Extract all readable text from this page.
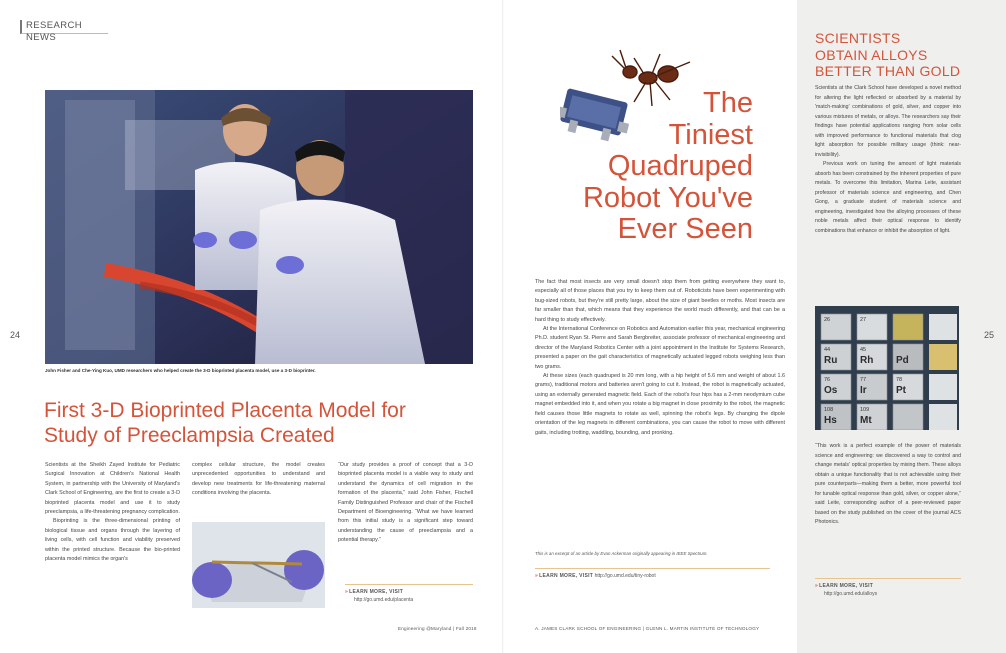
RESEARCH NEWS
24	25
John Fisher and Che-Ying Kuo, UMD researchers who helped create the 3-D bioprinted placenta model, use a 3-D bioprinter.
First 3-D Bioprinted Placenta Model for Study of Preeclampsia Created

Scientists at the Sheikh Zayed Institute for Pediatric Surgical Innovation at Children's National Health System, in partnership with the University of Maryland's Clark School of Engineering, are the first to create a 3-D bioprinted placenta model and use it to study preeclampsia, a life-threatening pregnancy complication.

Bioprinting is the three-dimensional printing of biological tissue and organs through the layering of living cells, with cell function and viability preserved within the printed structure. Because the bio-printed placenta model mimics the organ's

complex cellular structure, the model creates unprecedented opportunities to understand and develop new treatments for life-threatening maternal conditions involving the placenta.

“Our study provides a proof of concept that a 3-D bioprinted placenta model is a viable way to study and understand the dynamics of cell migration in the formation of the placenta,” said John Fisher, Fischell Family Distinguished Professor and chair of the Fischell Department of Bioengineering. “What we have learned from this initial study is a significant step toward understanding the cause of preeclampsia and a potential therapy.”

» LEARN MORE, VISIT
http://go.umd.edu/placenta
Engineering @Maryland | Fall 2018
The
Tiniest
Quadruped
Robot You've
Ever Seen

The fact that most insects are very small doesn't stop them from getting everywhere they want to, especially all of those places that you try to keep them out of. Roboticists have been experimenting with bug-sized robots, but they're still pretty large, about the size of giant beetles or moths. Most insects are far smaller than that, which means that they experience the world much differently, and that can be a hard thing to study effectively.

At the International Conference on Robotics and Automation earlier this year, mechanical engineering Ph.D. student Ryan St. Pierre and Sarah Bergbreiter, associate professor of mechanical engineering and director of the Maryland Robotics Center with a joint appointment in the Institute for Systems Research, presented a paper on the gait characteristics of magnetically actuated legged robots weighing less than two grams.

At these sizes (each quadruped is 20 mm long, with a hip height of 5.6 mm and weight of about 1.6 grams), traditional motors and batteries aren't going to cut it. Instead, the robot is magnetically actuated, using an externally generated magnetic field. Each of the robot's four hips has a 2-mm neodymium cube magnet embedded into it, and when you rotate a big magnet in close proximity to the robot, the magnetic field causes those little magnets to rotate as well, spinning the robot's legs. By changing the dipole orientation of the leg magnets in different combinations, you can cause the robot to move with different gaits, including trotting, waddling, bounding, and pronking.

This is an excerpt of an article by Evan Ackerman originally appearing in IEEE Spectrum.
» LEARN MORE, VISIT http://go.umd.edu/tiny-robot
A. JAMES CLARK SCHOOL OF ENGINEERING | GLENN L. MARTIN INSTITUTE OF TECHNOLOGY
SCIENTISTS
OBTAIN ALLOYS
BETTER THAN GOLD

Scientists at the Clark School have developed a novel method for altering the light reflected or absorbed by a material by 'match-making' combinations of gold, silver, and copper into various mixtures of metals, or alloys. The researchers say their findings have potential applications ranging from solar cells with improved performance to functional materials that clog light absorption for possible military usage (think: near-invisibility).

Previous work on tuning the amount of light materials absorb has been constrained by the inherent properties of pure metals. To overcome this limitation, Marina Leite, assistant professor of materials science and engineering, and Chen Gong, a graduate student of materials science and engineering, investigated how the alloying processes of these noble metals affect their optical response to identify combinations that enhance or inhibit the absorption of light.

26	27
44
Ru
45
Rh Pd
76
Os
77
Ir
78
Pt
108
Hs
109
Mt

“This work is a perfect example of the power of materials science and engineering: we discovered a way to control and change metals' optical properties by mixing them. These alloys obtain a unique functionality that is not achievable using their pure counterparts—making them a better, more powerful tool for tunable optical response than gold, silver, or copper alone,” said Leite, corresponding author of a peer-reviewed paper based on the study published on the cover of the journal ACS Photonics.

» LEARN MORE, VISIT
http://go.umd.edu/alloys
